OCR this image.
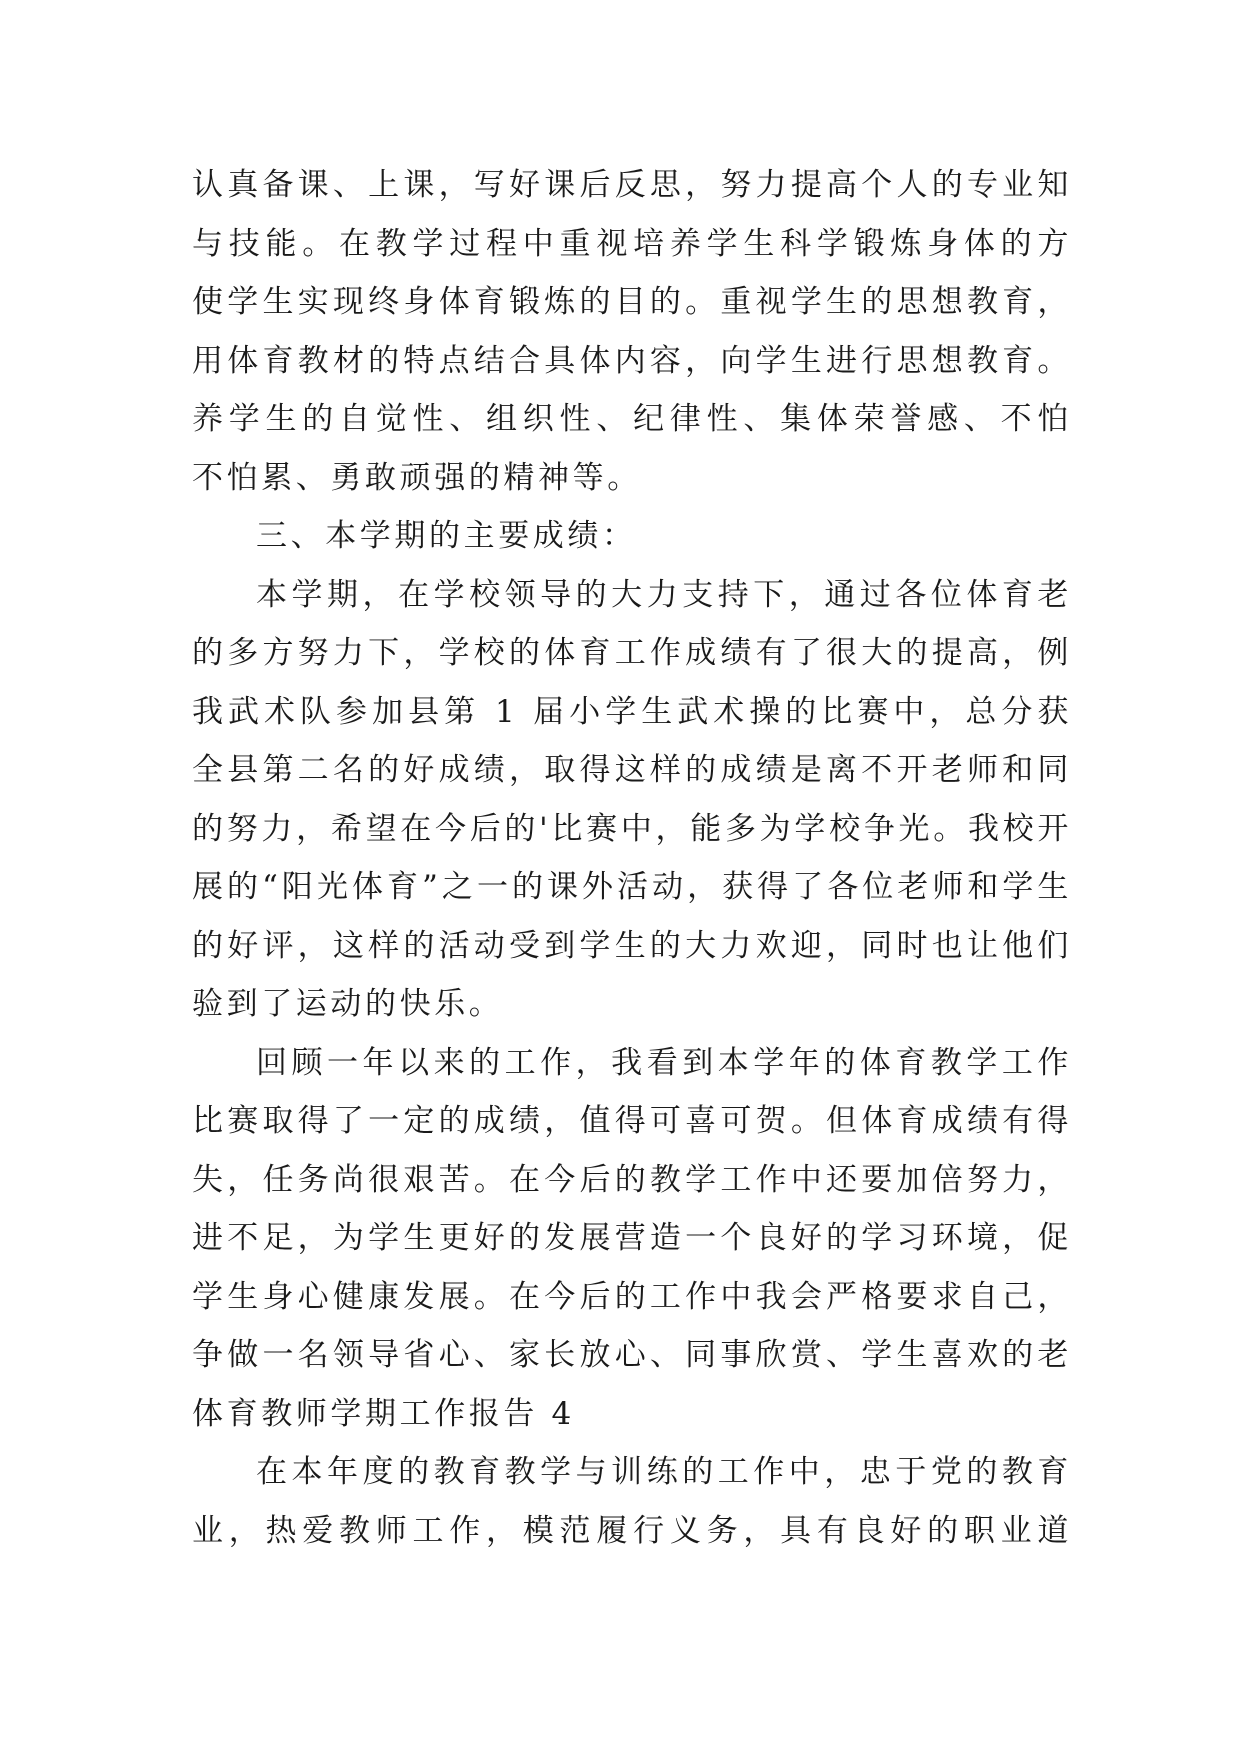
认真备课、上课，写好课后反思，努力提高个人的专业知
与技能。在教学过程中重视培养学生科学锻炼身体的方
使学生实现终身体育锻炼的目的。重视学生的思想教育，
用体育教材的特点结合具体内容，向学生进行思想教育。
养学生的自觉性、组织性、纪律性、集体荣誉感、不怕
不怕累、勇敢顽强的精神等。
三、本学期的主要成绩：
本学期，在学校领导的大力支持下，通过各位体育老
的多方努力下，学校的体育工作成绩有了很大的提高，例
我武术队参加县第 1 届小学生武术操的比赛中，总分获
全县第二名的好成绩，取得这样的成绩是离不开老师和同
的努力，希望在今后的'比赛中，能多为学校争光。我校开
展的“阳光体育”之一的课外活动，获得了各位老师和学生
的好评，这样的活动受到学生的大力欢迎，同时也让他们
验到了运动的快乐。
回顾一年以来的工作，我看到本学年的体育教学工作
比赛取得了一定的成绩，值得可喜可贺。但体育成绩有得
失，任务尚很艰苦。在今后的教学工作中还要加倍努力，
进不足，为学生更好的发展营造一个良好的学习环境，促
学生身心健康发展。在今后的工作中我会严格要求自己，
争做一名领导省心、家长放心、同事欣赏、学生喜欢的老
体育教师学期工作报告 4
在本年度的教育教学与训练的工作中，忠于党的教育
业，热爱教师工作，模范履行义务，具有良好的职业道
